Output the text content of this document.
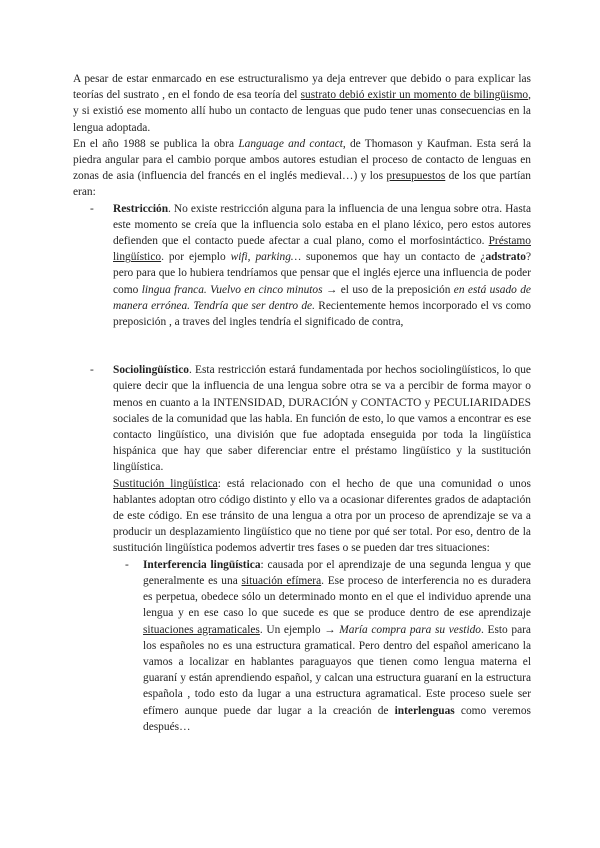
A pesar de estar enmarcado en ese estructuralismo ya deja entrever que debido o para explicar las teorías del sustrato , en el fondo de esa teoría del sustrato debió existir un momento de bilingüismo, y si existió ese momento allí hubo un contacto de lenguas que pudo tener unas consecuencias en la lengua adoptada.

En el año 1988 se publica la obra Language and contact, de Thomason y Kaufman. Esta será la piedra angular para el cambio porque ambos autores estudian el proceso de contacto de lenguas en zonas de asia (influencia del francés en el inglés medieval…) y los presupuestos de los que partían eran:

- Restricción. No existe restricción alguna para la influencia de una lengua sobre otra. Hasta este momento se creía que la influencia solo estaba en el plano léxico, pero estos autores defienden que el contacto puede afectar a cual plano, como el morfosintáctico. Préstamo lingüístico. por ejemplo wifi, parking… suponemos que hay un contacto de ¿adstrato? pero para que lo hubiera tendríamos que pensar que el inglés ejerce una influencia de poder como lingua franca. Vuelvo en cinco minutos → el uso de la preposición en está usado de manera errónea. Tendría que ser dentro de. Recientemente hemos incorporado el vs como preposición , a traves del ingles tendría el significado de contra,

- Sociolingüístico. Esta restricción estará fundamentada por hechos sociolingüísticos, lo que quiere decir que la influencia de una lengua sobre otra se va a percibir de forma mayor o menos en cuanto a la INTENSIDAD, DURACIÓN y CONTACTO y PECULIARIDADES sociales de la comunidad que las habla. En función de esto, lo que vamos a encontrar es ese contacto lingüístico, una división que fue adoptada enseguida por toda la lingüística hispánica que hay que saber diferenciar entre el préstamo lingüístico y la sustitución lingüística.

Sustitución lingüística: está relacionado con el hecho de que una comunidad o unos hablantes adoptan otro código distinto y ello va a ocasionar diferentes grados de adaptación de este código. En ese tránsito de una lengua a otra por un proceso de aprendizaje se va a producir un desplazamiento lingüístico que no tiene por qué ser total. Por eso, dentro de la sustitución lingüística podemos advertir tres fases o se pueden dar tres situaciones:

- Interferencia lingüística: causada por el aprendizaje de una segunda lengua y que generalmente es una situación efímera. Ese proceso de interferencia no es duradera es perpetua, obedece sólo un determinado monto en el que el individuo aprende una lengua y en ese caso lo que sucede es que se produce dentro de ese aprendizaje situaciones agramaticales. Un ejemplo → María compra para su vestido. Esto para los españoles no es una estructura gramatical. Pero dentro del español americano la vamos a localizar en hablantes paraguayos que tienen como lengua materna el guaraní y están aprendiendo español, y calcan una estructura guaraní en la estructura española , todo esto da lugar a una estructura agramatical. Este proceso suele ser efímero aunque puede dar lugar a la creación de interlenguas como veremos después…
